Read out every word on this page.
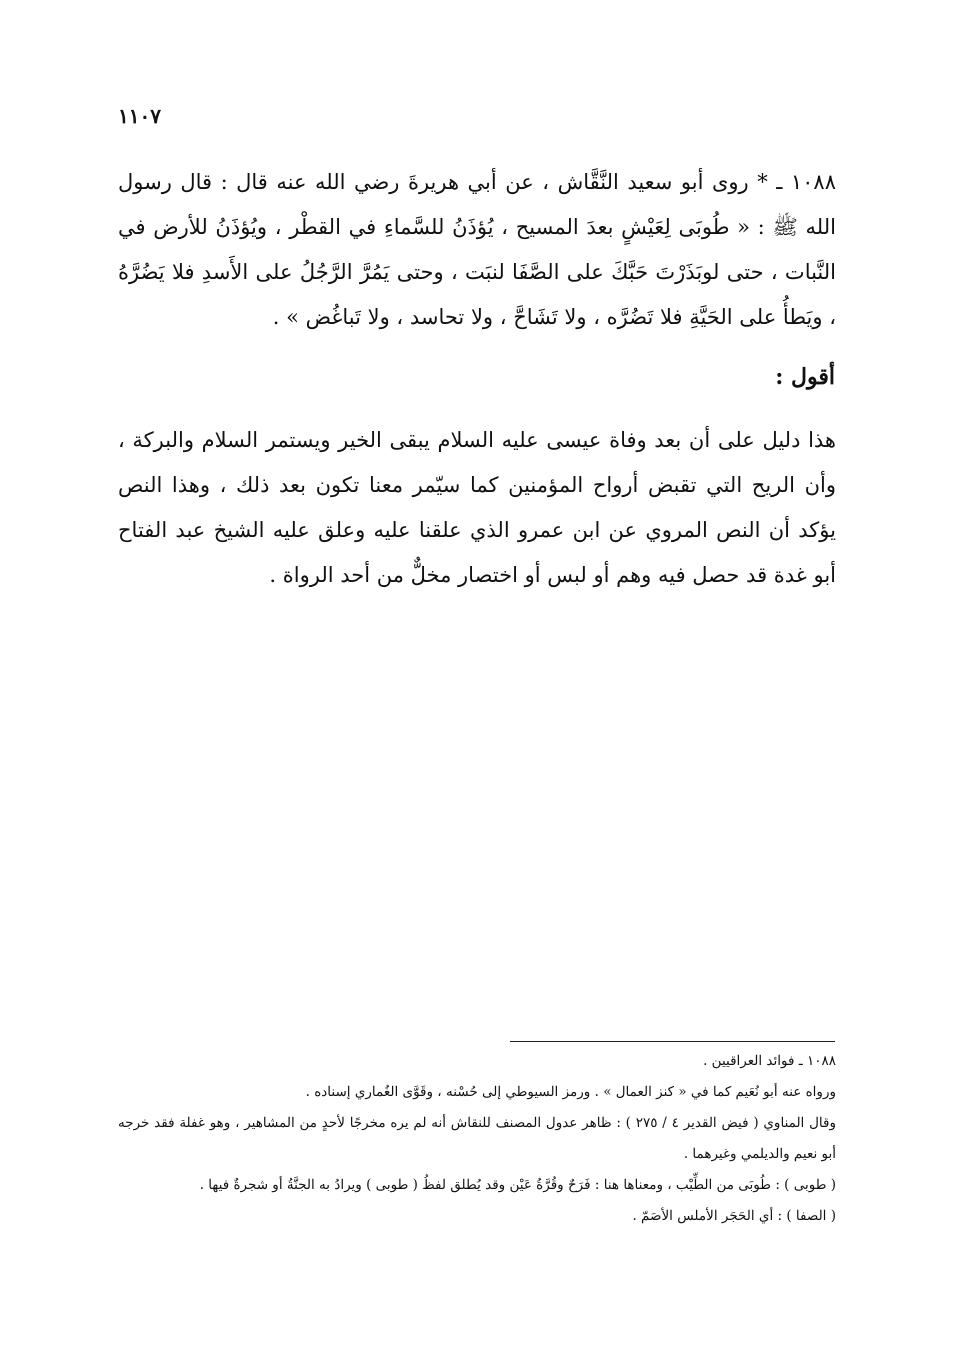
١١٠٧

١٠٨٨ ـ * روى أبو سعيد النَّقَّاش ، عن أبي هريرةَ رضي الله عنه قال : قال رسول الله ﷺ : « طُوبَى لِعَيْشٍ بعدَ المسيح ، يُؤذَنُ للسَّماءِ في القطْر ، ويُؤذَنُ للأرض في النَّبات ، حتى لوبَذَرْتَ حَبَّكَ على الصَّفَا لنبَت ، وحتى يَمُرَّ الرَّجُلُ على الأَسدِ فلا يَضُرَّهُ ، ويَطأُ على الحَيَّةِ فلا تَضُرَّه ، ولا تَشَاحَّ ، ولا تحاسد ، ولا تَباغُض » .

أقول :

هذا دليل على أن بعد وفاة عيسى عليه السلام يبقى الخير ويستمر السلام والبركة ، وأن الريح التي تقبض أرواح المؤمنين كما سيّمر معنا تكون بعد ذلك ، وهذا النص يؤكد أن النص المروي عن ابن عمرو الذي علقنا عليه وعلق عليه الشيخ عبد الفتاح أبو غدة قد حصل فيه وهم أو لبس أو اختصار مخلٌّ من أحد الرواة .

١٠٨٨ ـ فوائد العراقيين .

ورواه عنه أبو نُعَيم كما في « كنز العمال » . ورمز السيوطي إلى حُسْنه ، وقَوَّى الغُماري إسناده .

وقال المناوي ( فيض القدير ٤ / ٢٧٥ ) : ظاهر عدول المصنف للنقاش أنه لم يره مخرجًا لأحدٍ من المشاهير ، وهو غفلة فقد خرجه أبو نعيم والديلمي وغيرهما .

( طوبى ) : طُوبَى من الطِّيْب ، ومعناها هنا : فَرَحٌ وقُرَّةُ عَيْن وقد يُطلق لفظُ ( طوبى ) ويرادُ به الجنَّةُ أو شجرةٌ فيها .

( الصفا ) : أي الحَجَر الأملس الأصَمّ .
